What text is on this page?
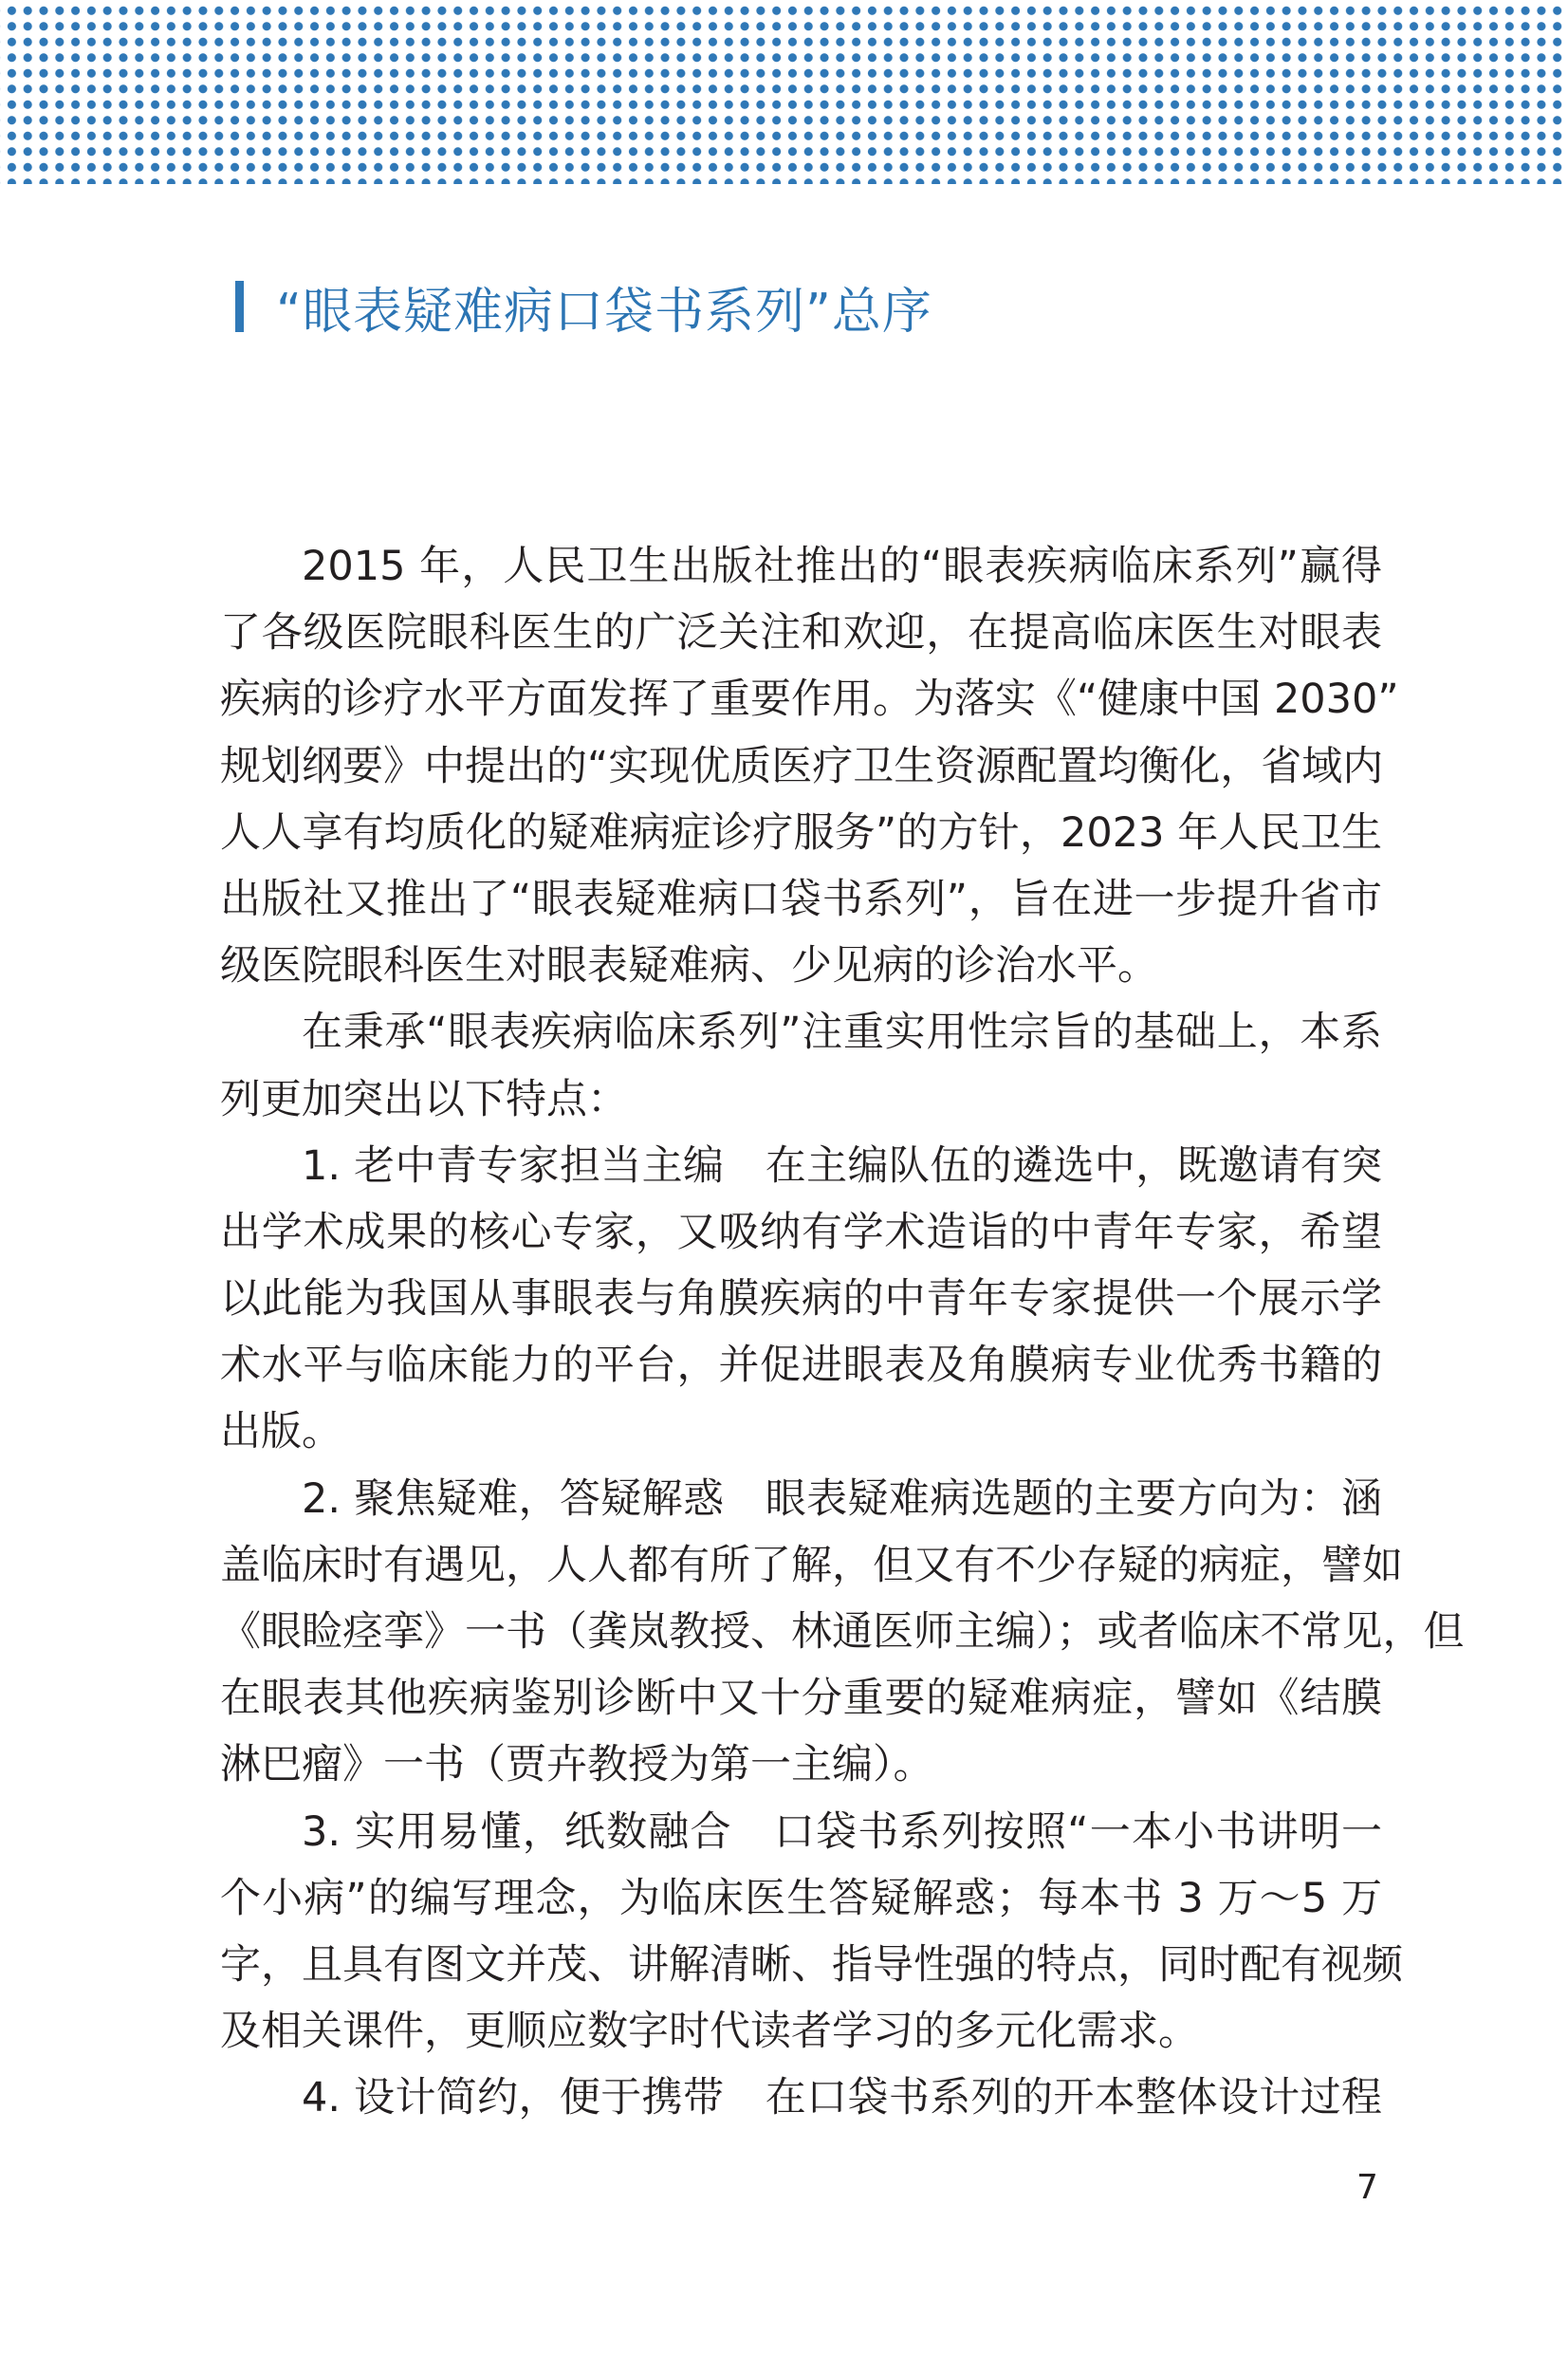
“眼表疑难病口袋书系列”总序
2015 年，人民卫生出版社推出的“眼表疾病临床系列”赢得
了各级医院眼科医生的广泛关注和欢迎，在提高临床医生对眼表
疾病的诊疗水平方面发挥了重要作用。为落实《“健康中国 2030”
规划纲要》中提出的“实现优质医疗卫生资源配置均衡化，省域内
人人享有均质化的疑难病症诊疗服务”的方针，2023 年人民卫生
出版社又推出了“眼表疑难病口袋书系列”，旨在进一步提升省市
级医院眼科医生对眼表疑难病、少见病的诊治水平。
在秉承“眼表疾病临床系列”注重实用性宗旨的基础上，本系
列更加突出以下特点：
1. 老中青专家担当主编　在主编队伍的遴选中，既邀请有突
出学术成果的核心专家，又吸纳有学术造诣的中青年专家，希望
以此能为我国从事眼表与角膜疾病的中青年专家提供一个展示学
术水平与临床能力的平台，并促进眼表及角膜病专业优秀书籍的
出版。
2. 聚焦疑难，答疑解惑　眼表疑难病选题的主要方向为：涵
盖临床时有遇见，人人都有所了解，但又有不少存疑的病症，譬如
《眼睑痉挛》一书（龚岚教授、林通医师主编）；或者临床不常见，但
在眼表其他疾病鉴别诊断中又十分重要的疑难病症，譬如《结膜
淋巴瘤》一书（贾卉教授为第一主编）。
3. 实用易懂，纸数融合　口袋书系列按照“一本小书讲明一
个小病”的编写理念，为临床医生答疑解惑；每本书 3 万～5 万
字，且具有图文并茂、讲解清晰、指导性强的特点，同时配有视频
及相关课件，更顺应数字时代读者学习的多元化需求。
4. 设计简约，便于携带　在口袋书系列的开本整体设计过程
7
